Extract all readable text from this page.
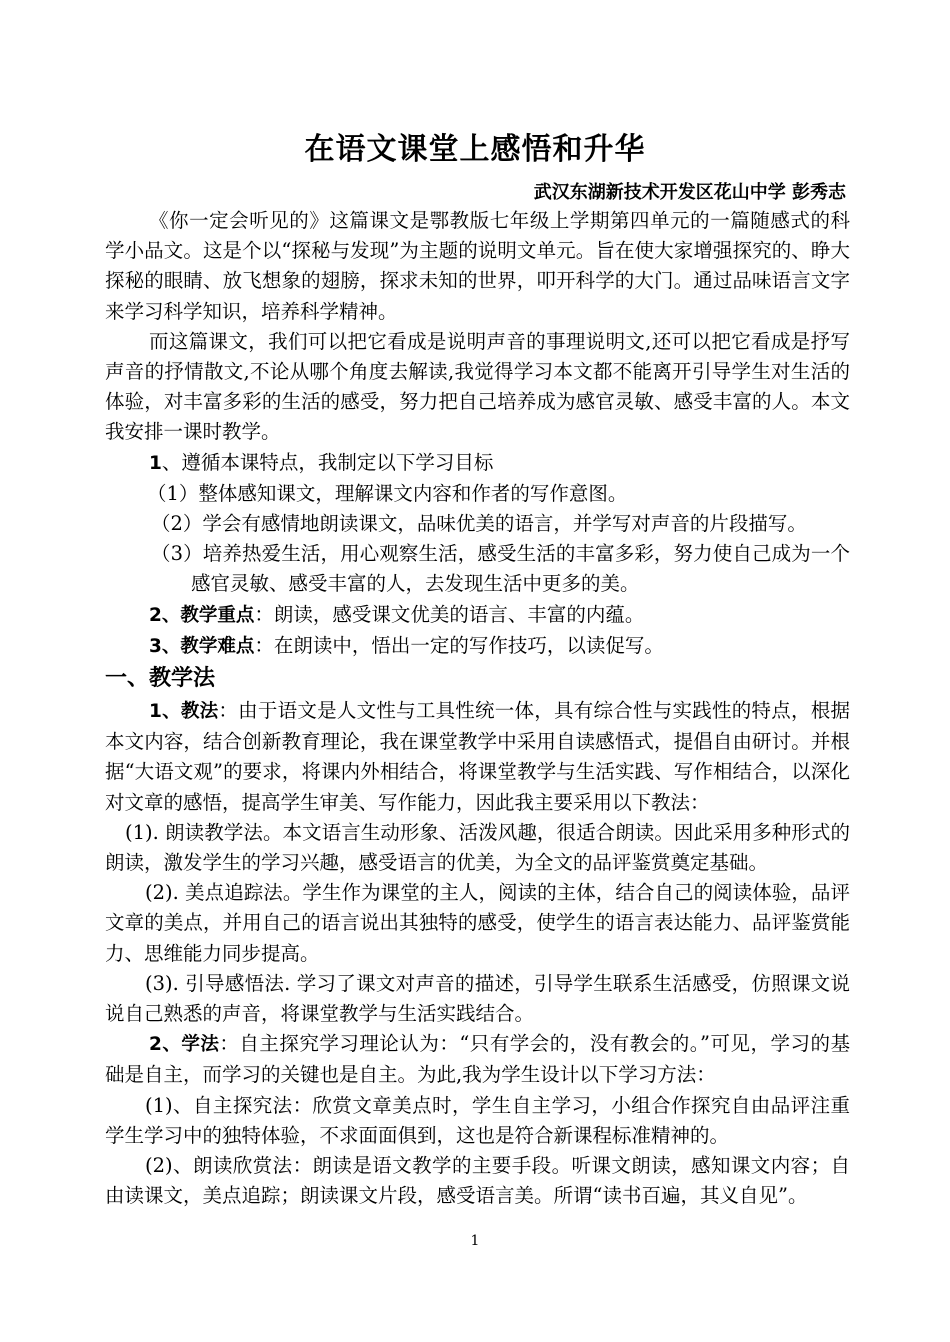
在语文课堂上感悟和升华
武汉东湖新技术开发区花山中学 彭秀志

《你一定会听见的》这篇课文是鄂教版七年级上学期第四单元的一篇随感式的科学小品文。这是个以“探秘与发现”为主题的说明文单元。旨在使大家增强探究的、睁大探秘的眼睛、放飞想象的翅膀，探求未知的世界，叩开科学的大门。通过品味语言文字来学习科学知识，培养科学精神。

而这篇课文，我们可以把它看成是说明声音的事理说明文,还可以把它看成是抒写声音的抒情散文,不论从哪个角度去解读,我觉得学习本文都不能离开引导学生对生活的体验，对丰富多彩的生活的感受，努力把自己培养成为感官灵敏、感受丰富的人。本文我安排一课时教学。

1、遵循本课特点，我制定以下学习目标

（1）整体感知课文，理解课文内容和作者的写作意图。

（2）学会有感情地朗读课文，品味优美的语言，并学写对声音的片段描写。

（3）培养热爱生活，用心观察生活，感受生活的丰富多彩，努力使自己成为一个感官灵敏、感受丰富的人，去发现生活中更多的美。

2、教学重点：朗读，感受课文优美的语言、丰富的内蕴。

3、教学难点：在朗读中，悟出一定的写作技巧，以读促写。

一、教学法

1、教法：由于语文是人文性与工具性统一体，具有综合性与实践性的特点，根据本文内容，结合创新教育理论，我在课堂教学中采用自读感悟式，提倡自由研讨。并根据“大语文观”的要求，将课内外相结合，将课堂教学与生活实践、写作相结合，以深化对文章的感悟，提高学生审美、写作能力，因此我主要采用以下教法：

(1). 朗读教学法。本文语言生动形象、活泼风趣，很适合朗读。因此采用多种形式的朗读，激发学生的学习兴趣，感受语言的优美，为全文的品评鉴赏奠定基础。

(2). 美点追踪法。学生作为课堂的主人，阅读的主体，结合自己的阅读体验，品评文章的美点，并用自己的语言说出其独特的感受，使学生的语言表达能力、品评鉴赏能力、思维能力同步提高。

(3). 引导感悟法. 学习了课文对声音的描述，引导学生联系生活感受，仿照课文说说自己熟悉的声音，将课堂教学与生活实践结合。

2、学法：自主探究学习理论认为：“只有学会的，没有教会的。”可见，学习的基础是自主，而学习的关键也是自主。为此,我为学生设计以下学习方法：

(1)、自主探究法：欣赏文章美点时，学生自主学习，小组合作探究自由品评注重学生学习中的独特体验，不求面面俱到，这也是符合新课程标准精神的。

(2)、朗读欣赏法：朗读是语文教学的主要手段。听课文朗读，感知课文内容；自由读课文，美点追踪；朗读课文片段，感受语言美。所谓“读书百遍，其义自见”。

1
